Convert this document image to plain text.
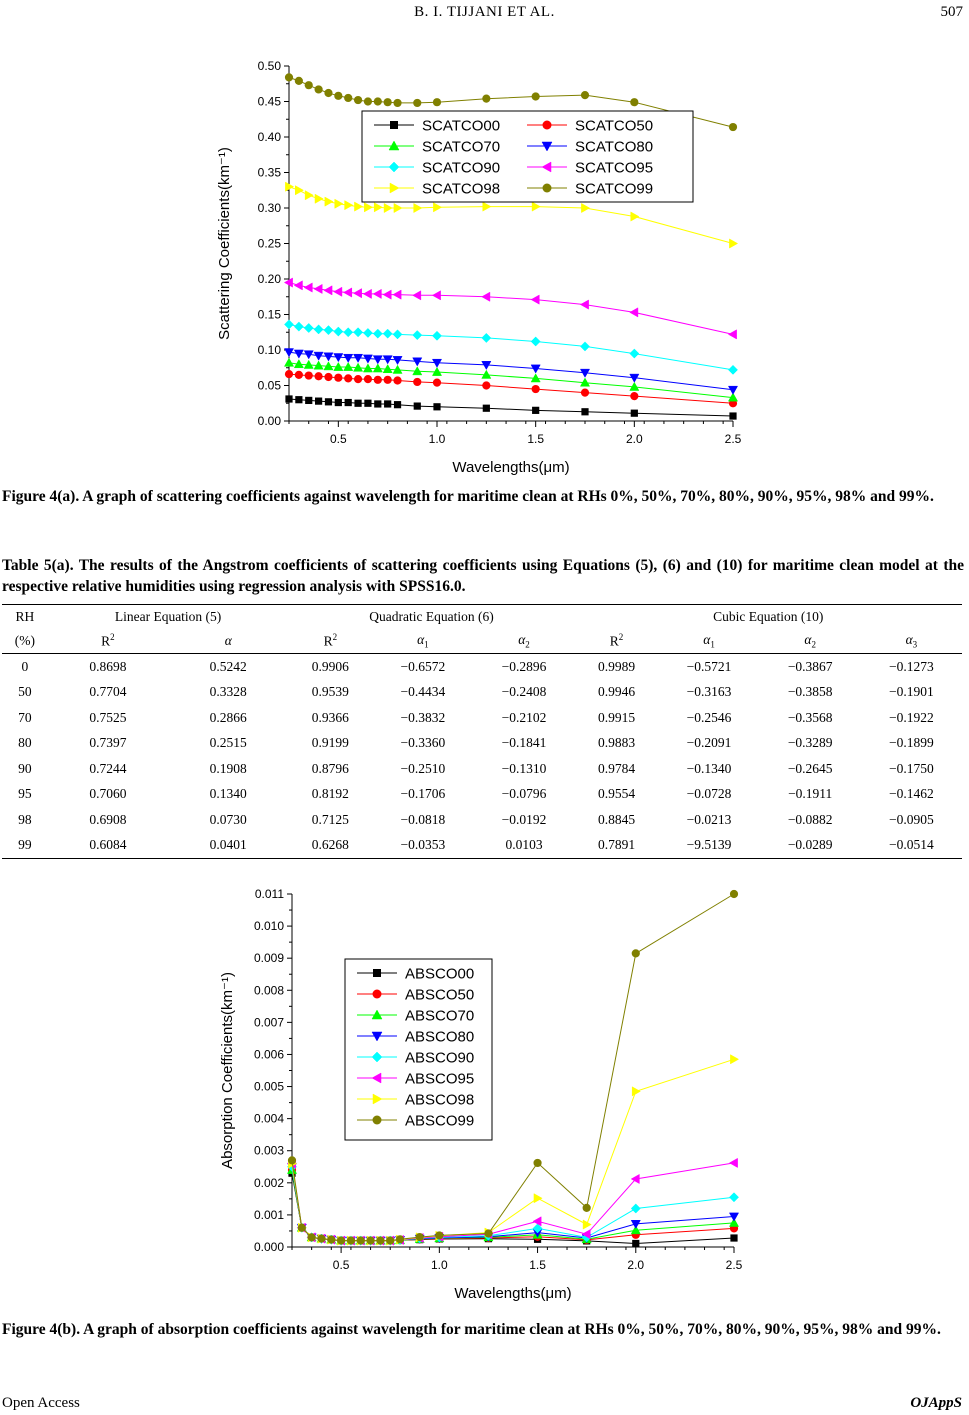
B. I. TIJJANI ET AL.	507
0.00
0.05
0.10
0.15
0.20
0.25
0.30
0.35
0.40
0.45
0.50
0.5	1.0	1.5	2.0	2.5
Wavelengths(μm)
Scattering Coefficients(km⁻¹)
SCATCO00	SCATCO50
SCATCO70	SCATCO80
SCATCO90	SCATCO95
SCATCO98	SCATCO99
Figure 4(a). A graph of scattering coefficients against wavelength for maritime clean at RHs 0%, 50%, 70%, 80%, 90%, 95%, 98% and 99%.
Table 5(a). The results of the Angstrom coefficients of scattering coefficients using Equations (5), (6) and (10) for maritime clean model at the respective relative humidities using regression analysis with SPSS16.0.
RH	Linear Equation (5)		Quadratic Equation (6)			Cubic Equation (10)			
(%)	$R^2$	α	$R^2$	$\alpha_1$	$\alpha_2$	$R^2$	$\alpha_1$	$\alpha_2$	$\alpha_3$
0	0.8698	0.5242	0.9906	−0.6572	−0.2896	0.9989	−0.5721	−0.3867	−0.1273
50	0.7704	0.3328	0.9539	−0.4434	−0.2408	0.9946	−0.3163	−0.3858	−0.1901
70	0.7525	0.2866	0.9366	−0.3832	−0.2102	0.9915	−0.2546	−0.3568	−0.1922
80	0.7397	0.2515	0.9199	−0.3360	−0.1841	0.9883	−0.2091	−0.3289	−0.1899
90	0.7244	0.1908	0.8796	−0.2510	−0.1310	0.9784	−0.1340	−0.2645	−0.1750
95	0.7060	0.1340	0.8192	−0.1706	−0.0796	0.9554	−0.0728	−0.1911	−0.1462
98	0.6908	0.0730	0.7125	−0.0818	−0.0192	0.8845	−0.0213	−0.0882	−0.0905
99	0.6084	0.0401	0.6268	−0.0353	0.0103	0.7891	−9.5139	−0.0289	−0.0514
0.000
0.001
0.002
0.003
0.004
0.005
0.006
0.007
0.008
0.009
0.010
0.011
0.5	1.0	1.5	2.0	2.5
Wavelengths(μm)
Absorption Coefficients(km⁻¹)	ABSCO00
ABSCO50
ABSCO70
ABSCO80
ABSCO90
ABSCO95
ABSCO98
ABSCO99
Figure 4(b). A graph of absorption coefficients against wavelength for maritime clean at RHs 0%, 50%, 70%, 80%, 90%, 95%, 98% and 99%.
Open Access	OJAppS
